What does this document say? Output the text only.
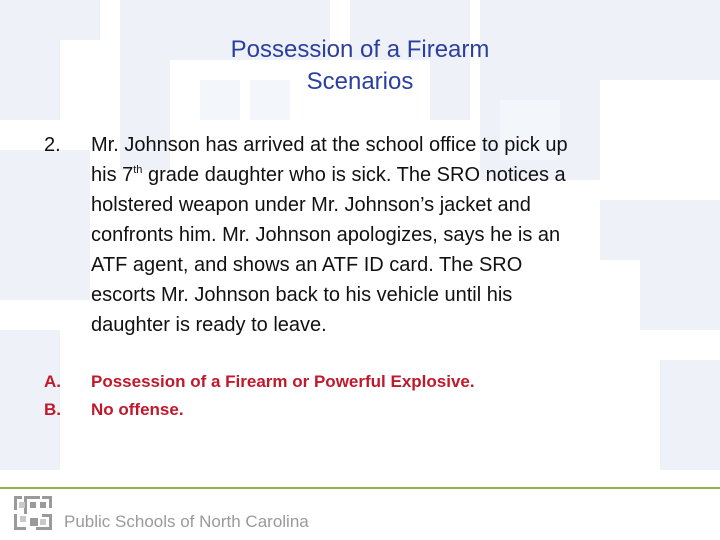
Possession of a Firearm
Scenarios
2.	Mr. Johnson has arrived at the school office to pick up
his 7th grade daughter who is sick. The SRO notices a
holstered weapon under Mr. Johnson’s jacket and
confronts him. Mr. Johnson apologizes, says he is an
ATF agent, and shows an ATF ID card. The SRO
escorts Mr. Johnson back to his vehicle until his
daughter is ready to leave.
A.	Possession of a Firearm or Powerful Explosive.
B.	No offense.
Public Schools of North Carolina
